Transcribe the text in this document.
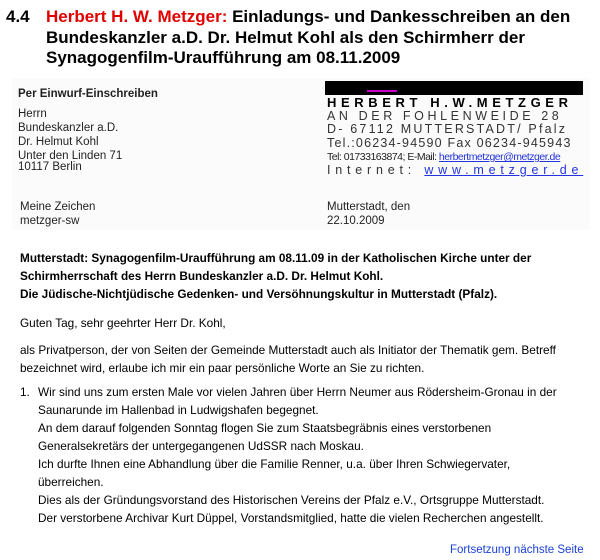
4.4 Herbert H. W. Metzger: Einladungs- und Dankesschreiben an den Bundeskanzler a.D. Dr. Helmut Kohl als den Schirmherr der Synagogenfilm-Uraufführung am 08.11.2009
Per Einwurf-Einschreiben
Herrn
Bundeskanzler a.D.
Dr. Helmut Kohl
Unter den Linden 71
10117 Berlin
Meine Zeichen
metzger-sw
HERBERT H.W.METZGER
AN DER FOHLENWEIDE 28
D- 67112 MUTTERSTADT/ Pfalz
Tel.:06234-94590 Fax 06234-945943
Tel: 01733163874; E-Mail: herbertmetzger@metzger.de
Internet: www.metzger.de
Mutterstadt, den
22.10.2009
Mutterstadt: Synagogenfilm-Uraufführung am 08.11.09 in der Katholischen Kirche unter der
Schirmherrschaft des Herrn Bundeskanzler a.D. Dr. Helmut Kohl.
Die Jüdische-Nichtjüdische Gedenken- und Versöhnungskultur in Mutterstadt (Pfalz).
Guten Tag, sehr geehrter Herr Dr. Kohl,
als Privatperson, der von Seiten der Gemeinde Mutterstadt auch als Initiator der Thematik gem. Betreff
bezeichnet wird, erlaube ich mir ein paar persönliche Worte an Sie zu richten.
1. Wir sind uns zum ersten Male vor vielen Jahren über Herrn Neumer aus Rödersheim-Gronau in der
Saunarunde im Hallenbad in Ludwigshafen begegnet.
An dem darauf folgenden Sonntag flogen Sie zum Staatsbegräbnis eines verstorbenen
Generalsekretärs der untergegangenen UdSSR nach Moskau.
Ich durfte Ihnen eine Abhandlung über die Familie Renner, u.a. über Ihren Schwiegervater,
überreichen.
Dies als der Gründungsvorstand des Historischen Vereins der Pfalz e.V., Ortsgruppe Mutterstadt.
Der verstorbene Archivar Kurt Düppel, Vorstandsmitglied, hatte die vielen Recherchen angestellt.
Fortsetzung nächste Seite
